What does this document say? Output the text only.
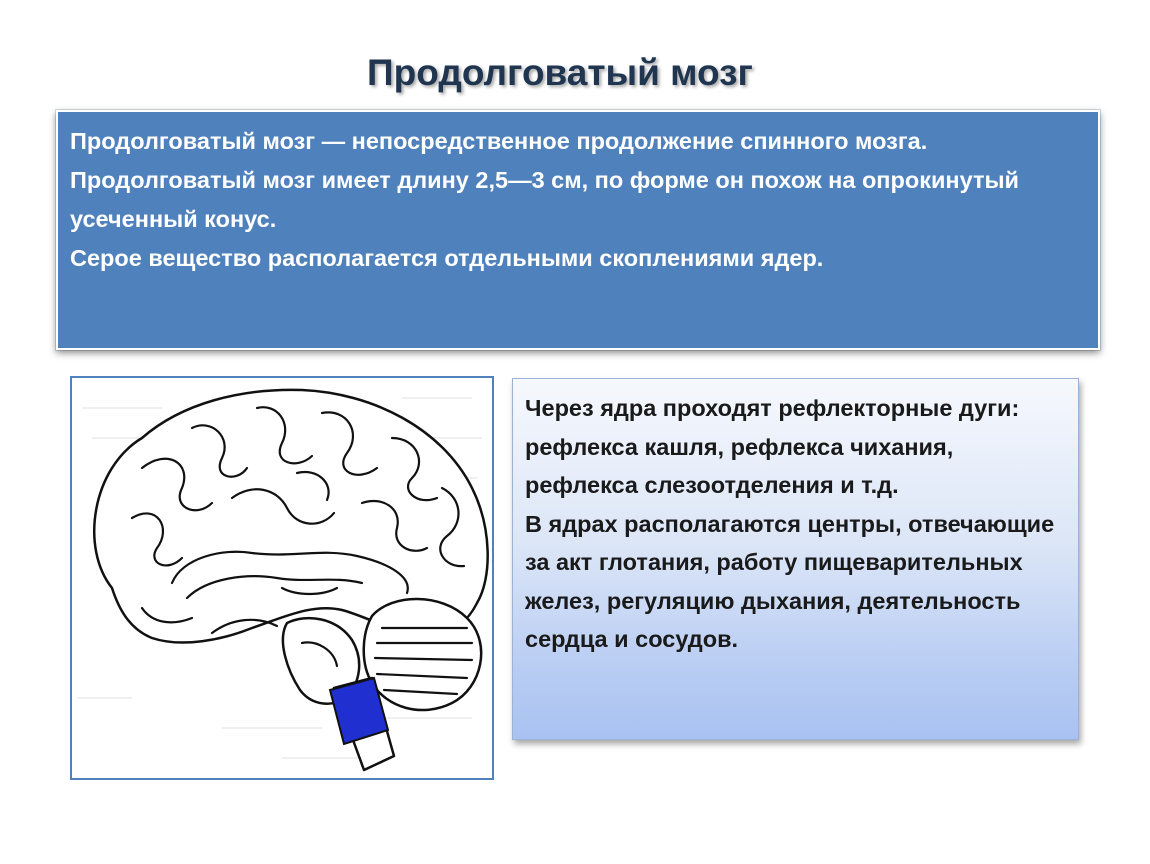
Продолговатый мозг

Продолговатый мозг — непосредственное продолжение спинного мозга.

Продолговатый мозг имеет длину 2,5—3 см, по форме он похож на опрокинутый усеченный конус.

Серое вещество располагается отдельными скоплениями ядер.

Через ядра проходят рефлекторные дуги: рефлекса кашля, рефлекса чихания, рефлекса слезоотделения и т.д.

В ядрах располагаются центры, отвечающие за акт глотания, работу пищеварительных желез, регуляцию дыхания, деятельность сердца и сосудов.
